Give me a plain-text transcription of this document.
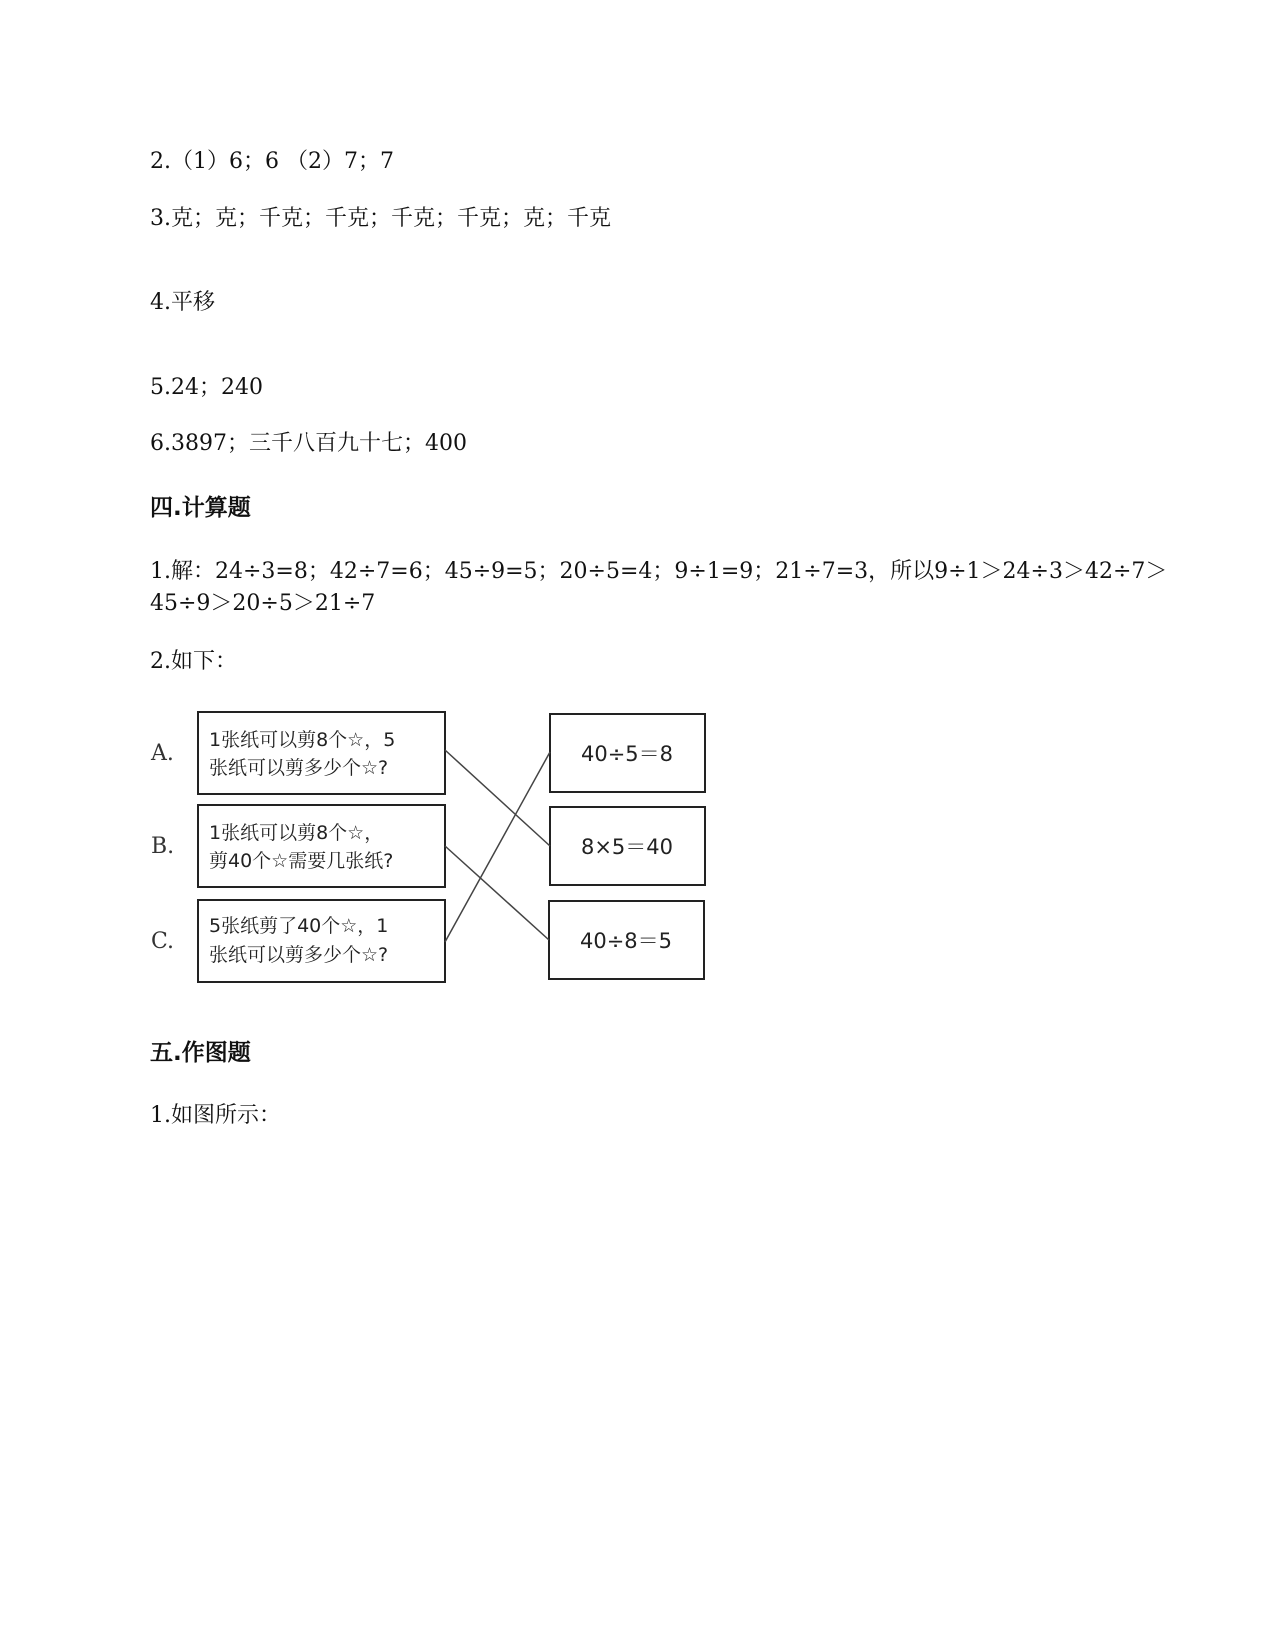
2.（1）6；6 （2）7；7
3.克；克；千克；千克；千克；千克；克；千克
4.平移
5.24；240
6.3897；三千八百九十七；400
四.计算题
1.解：24÷3=8；42÷7=6；45÷9=5；20÷5=4；9÷1=9；21÷7=3，所以9÷1＞24÷3＞42÷7＞
45÷9＞20÷5＞21÷7
2.如下：
A.
B.
C.
1张纸可以剪8个☆，5
张纸可以剪多少个☆?
1张纸可以剪8个☆，
剪40个☆需要几张纸?
5张纸剪了40个☆，1
张纸可以剪多少个☆?
40÷5＝8
8×5＝40
40÷8＝5
五.作图题
1.如图所示：
